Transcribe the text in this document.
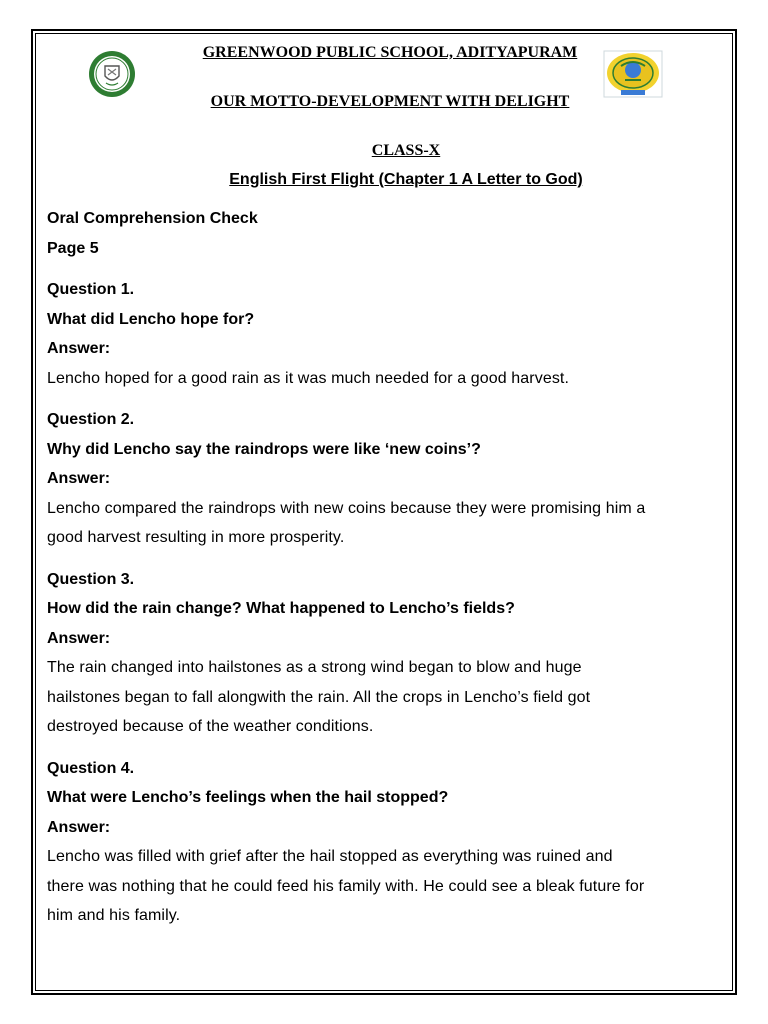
GREENWOOD PUBLIC SCHOOL, ADITYAPURAM

OUR MOTTO-DEVELOPMENT WITH DELIGHT

CLASS-X

English First Flight (Chapter 1 A Letter to God)

Oral Comprehension Check

Page 5

Question 1.

What did Lencho hope for?

Answer:

Lencho hoped for a good rain as it was much needed for a good harvest.

Question 2.

Why did Lencho say the raindrops were like ‘new coins’?

Answer:

Lencho compared the raindrops with new coins because they were promising him a

good harvest resulting in more prosperity.

Question 3.

How did the rain change? What happened to Lencho’s fields?

Answer:

The rain changed into hailstones as a strong wind began to blow and huge

hailstones began to fall alongwith the rain. All the crops in Lencho’s field got

destroyed because of the weather conditions.

Question 4.

What were Lencho’s feelings when the hail stopped?

Answer:

Lencho was filled with grief after the hail stopped as everything was ruined and

there was nothing that he could feed his family with. He could see a bleak future for

him and his family.
